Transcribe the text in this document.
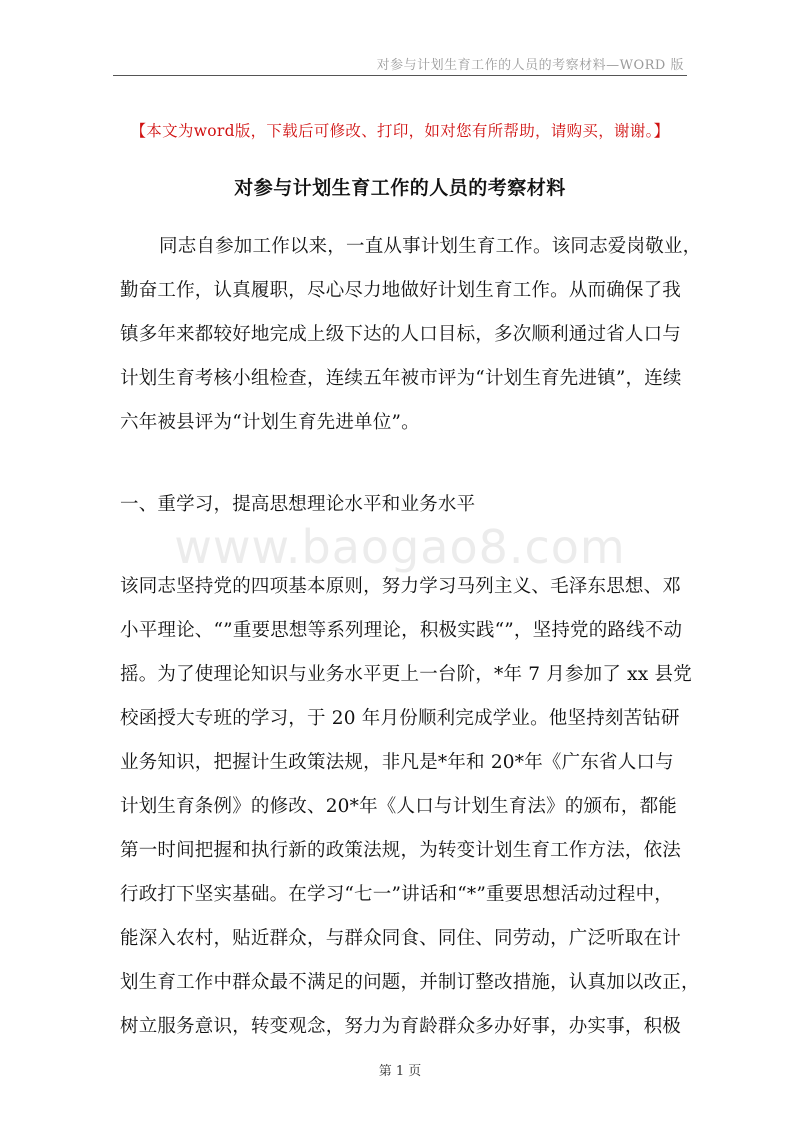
对参与计划生育工作的人员的考察材料—WORD 版
【本文为word版，下载后可修改、打印，如对您有所帮助，请购买，谢谢。】
对参与计划生育工作的人员的考察材料
同志自参加工作以来，一直从事计划生育工作。该同志爱岗敬业，
勤奋工作，认真履职，尽心尽力地做好计划生育工作。从而确保了我
镇多年来都较好地完成上级下达的人口目标，多次顺利通过省人口与
计划生育考核小组检查，连续五年被市评为“计划生育先进镇”，连续
六年被县评为“计划生育先进单位”。
一、重学习，提高思想理论水平和业务水平
www.baogao8.com
该同志坚持党的四项基本原则，努力学习马列主义、毛泽东思想、邓
小平理论、“”重要思想等系列理论，积极实践“”，坚持党的路线不动
摇。为了使理论知识与业务水平更上一台阶，*年 7 月参加了 xx 县党
校函授大专班的学习，于 20 年月份顺利完成学业。他坚持刻苦钻研
业务知识，把握计生政策法规，非凡是*年和 20*年《广东省人口与
计划生育条例》的修改、20*年《人口与计划生育法》的颁布，都能
第一时间把握和执行新的政策法规，为转变计划生育工作方法，依法
行政打下坚实基础。在学习“七一”讲话和“*”重要思想活动过程中，
能深入农村，贴近群众，与群众同食、同住、同劳动，广泛听取在计
划生育工作中群众最不满足的问题，并制订整改措施，认真加以改正，
树立服务意识，转变观念，努力为育龄群众多办好事，办实事，积极
第 1 页
